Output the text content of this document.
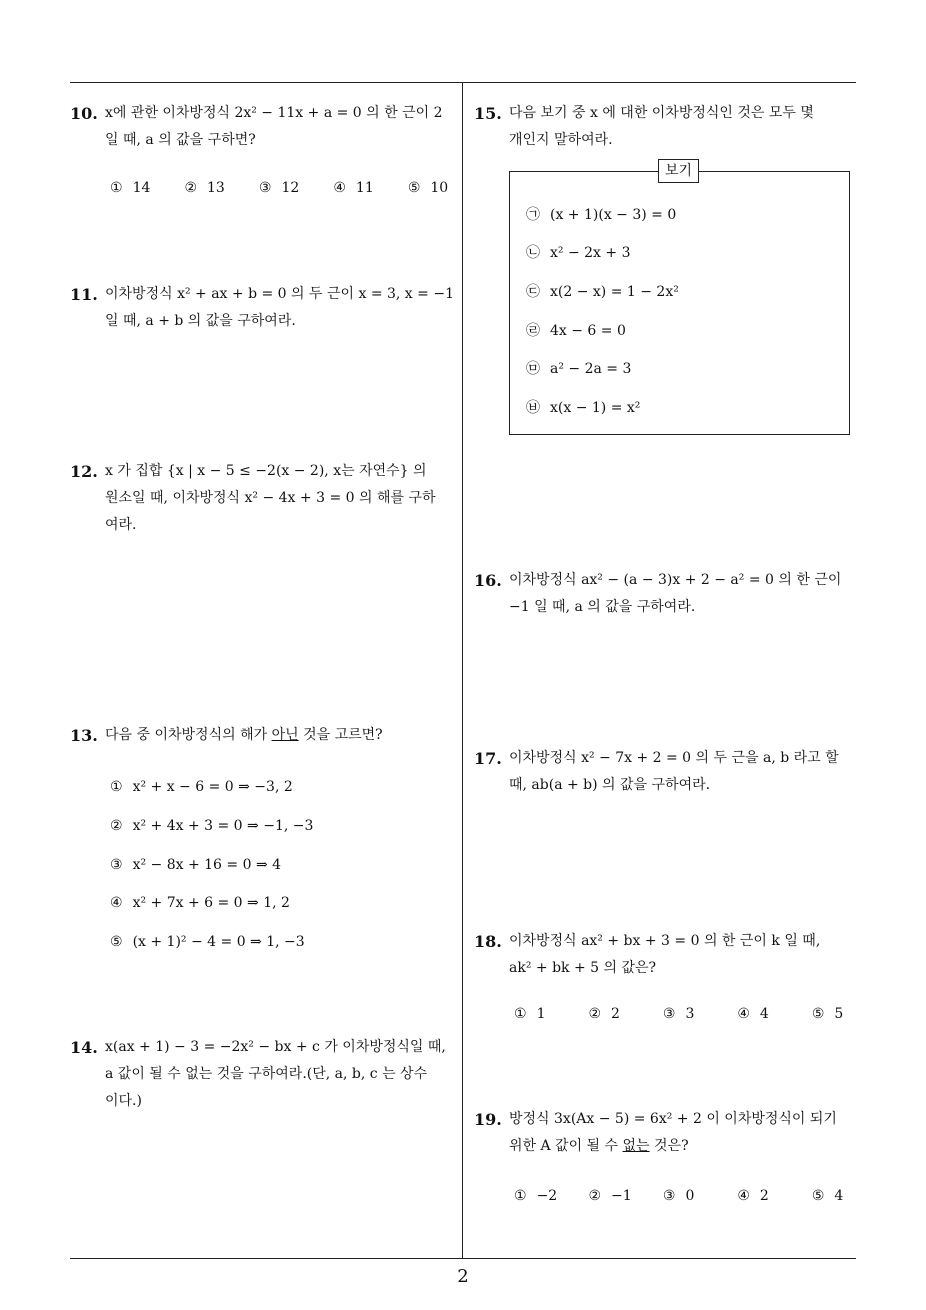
10. x에 관한 이차방정식 2x² − 11x + a = 0 의 한 근이 2
일 때, a 의 값을 구하면?
① 14 ② 13 ③ 12 ④ 11 ⑤ 10
11. 이차방정식 x² + ax + b = 0 의 두 근이 x = 3, x = −1
일 때, a + b 의 값을 구하여라.
12. x 가 집합 {x | x − 5 ≤ −2(x − 2), x는 자연수} 의
원소일 때, 이차방정식 x² − 4x + 3 = 0 의 해를 구하
여라.
13. 다음 중 이차방정식의 해가 아닌 것을 고르면?
① x² + x − 6 = 0 ⇒ −3, 2
② x² + 4x + 3 = 0 ⇒ −1, −3
③ x² − 8x + 16 = 0 ⇒ 4
④ x² + 7x + 6 = 0 ⇒ 1, 2
⑤ (x + 1)² − 4 = 0 ⇒ 1, −3
14. x(ax + 1) − 3 = −2x² − bx + c 가 이차방정식일 때,
a 값이 될 수 없는 것을 구하여라.(단, a, b, c 는 상수
이다.)
15. 다음 보기 중 x 에 대한 이차방정식인 것은 모두 몇
개인지 말하여라.
보기
㉠ (x + 1)(x − 3) = 0
㉡ x² − 2x + 3
㉢ x(2 − x) = 1 − 2x²
㉣ 4x − 6 = 0
㉤ a² − 2a = 3
㉥ x(x − 1) = x²
16. 이차방정식 ax² − (a − 3)x + 2 − a² = 0 의 한 근이
−1 일 때, a 의 값을 구하여라.
17. 이차방정식 x² − 7x + 2 = 0 의 두 근을 a, b 라고 할
때, ab(a + b) 의 값을 구하여라.
18. 이차방정식 ax² + bx + 3 = 0 의 한 근이 k 일 때,
ak² + bk + 5 의 값은?
① 1	② 2	③ 3	④ 4	⑤ 5
19. 방정식 3x(Ax − 5) = 6x² + 2 이 이차방정식이 되기
위한 A 값이 될 수 없는 것은?
① −2 ② −1 ③ 0	④ 2	⑤ 4
2
